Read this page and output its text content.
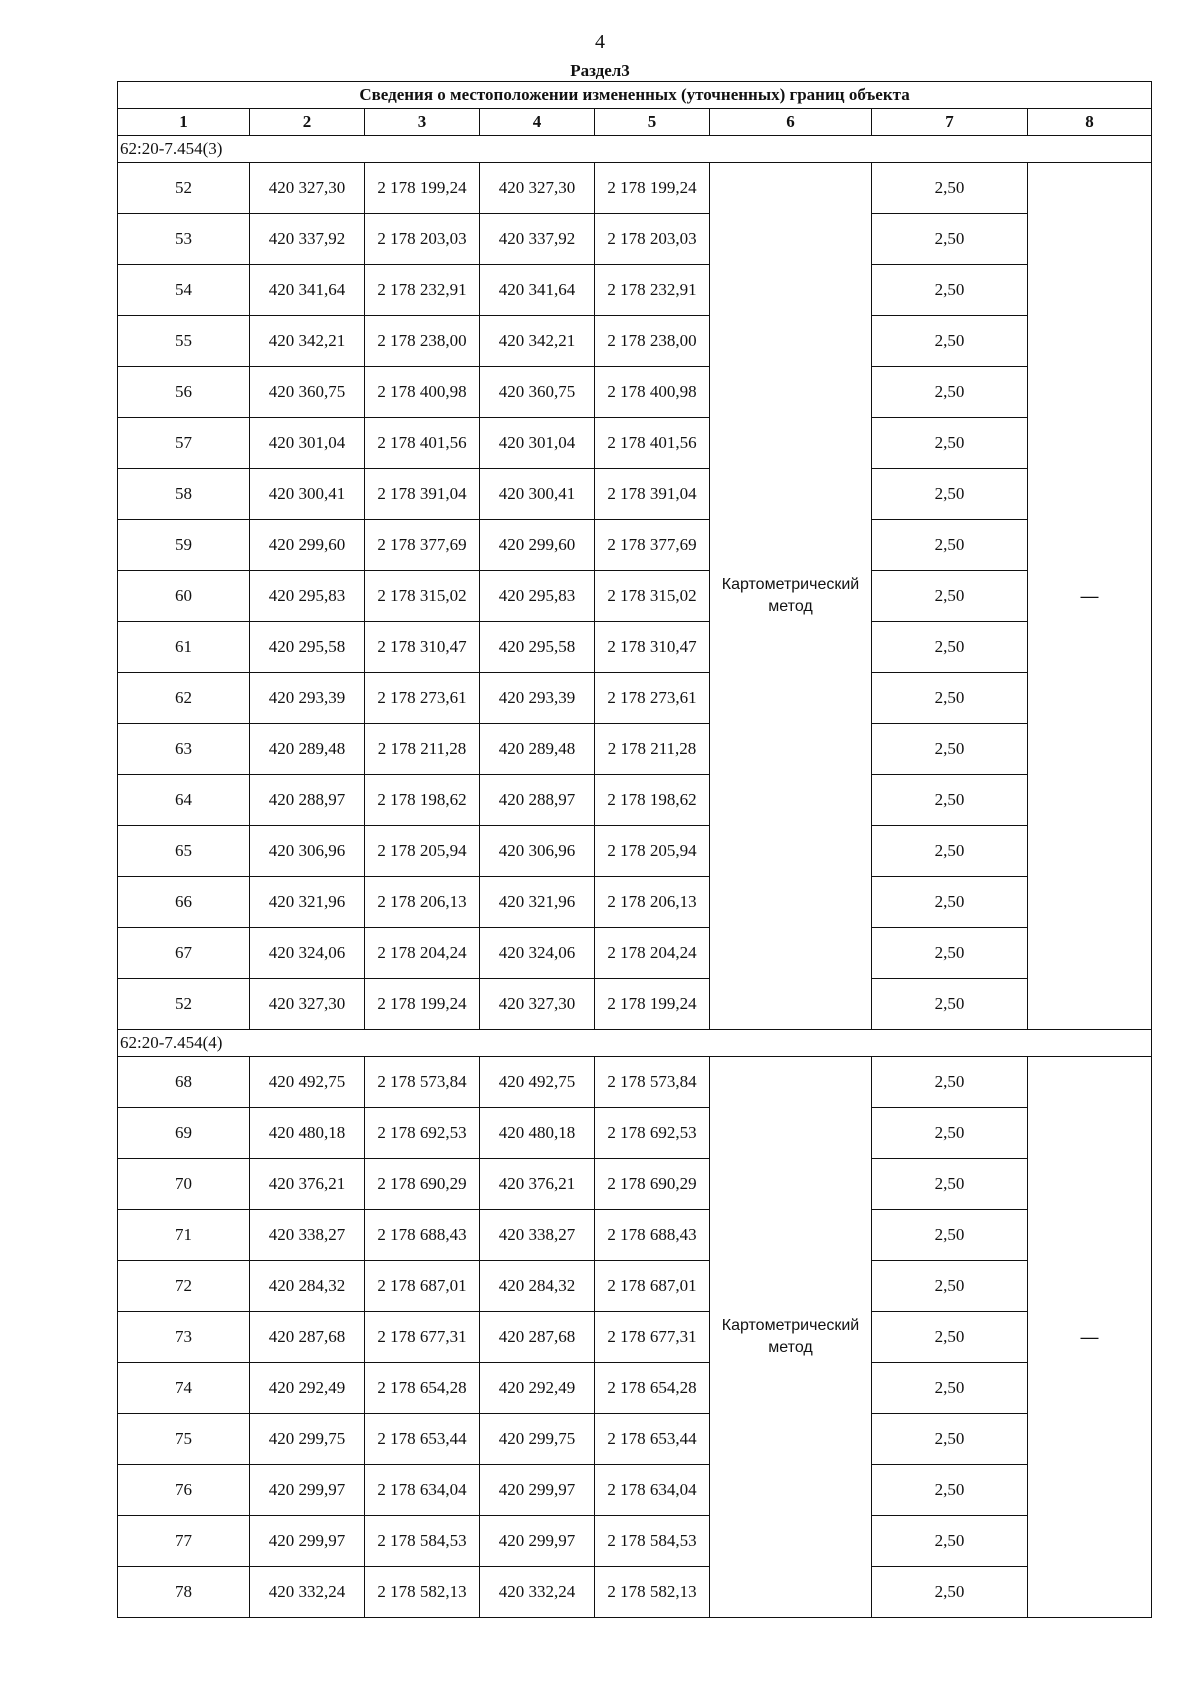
4
Раздел3
Сведения о местоположении измененных (уточненных) границ объекта							
1	2	3	4	5	6	7	8
62:20-7.454(3)							
52	420 327,30	2 178 199,24	420 327,30	2 178 199,24	Картометрический метод	2,50	—
53	420 337,92	2 178 203,03	420 337,92	2 178 203,03		2,50	
54	420 341,64	2 178 232,91	420 341,64	2 178 232,91		2,50	
55	420 342,21	2 178 238,00	420 342,21	2 178 238,00		2,50	
56	420 360,75	2 178 400,98	420 360,75	2 178 400,98		2,50	
57	420 301,04	2 178 401,56	420 301,04	2 178 401,56		2,50	
58	420 300,41	2 178 391,04	420 300,41	2 178 391,04		2,50	
59	420 299,60	2 178 377,69	420 299,60	2 178 377,69		2,50	
60	420 295,83	2 178 315,02	420 295,83	2 178 315,02		2,50	
61	420 295,58	2 178 310,47	420 295,58	2 178 310,47		2,50	
62	420 293,39	2 178 273,61	420 293,39	2 178 273,61		2,50	
63	420 289,48	2 178 211,28	420 289,48	2 178 211,28		2,50	
64	420 288,97	2 178 198,62	420 288,97	2 178 198,62		2,50	
65	420 306,96	2 178 205,94	420 306,96	2 178 205,94		2,50	
66	420 321,96	2 178 206,13	420 321,96	2 178 206,13		2,50	
67	420 324,06	2 178 204,24	420 324,06	2 178 204,24		2,50	
52	420 327,30	2 178 199,24	420 327,30	2 178 199,24		2,50	
62:20-7.454(4)							
68	420 492,75	2 178 573,84	420 492,75	2 178 573,84	Картометрический метод	2,50	—
69	420 480,18	2 178 692,53	420 480,18	2 178 692,53		2,50	
70	420 376,21	2 178 690,29	420 376,21	2 178 690,29		2,50	
71	420 338,27	2 178 688,43	420 338,27	2 178 688,43		2,50	
72	420 284,32	2 178 687,01	420 284,32	2 178 687,01		2,50	
73	420 287,68	2 178 677,31	420 287,68	2 178 677,31		2,50	
74	420 292,49	2 178 654,28	420 292,49	2 178 654,28		2,50	
75	420 299,75	2 178 653,44	420 299,75	2 178 653,44		2,50	
76	420 299,97	2 178 634,04	420 299,97	2 178 634,04		2,50	
77	420 299,97	2 178 584,53	420 299,97	2 178 584,53		2,50	
78	420 332,24	2 178 582,13	420 332,24	2 178 582,13		2,50	
